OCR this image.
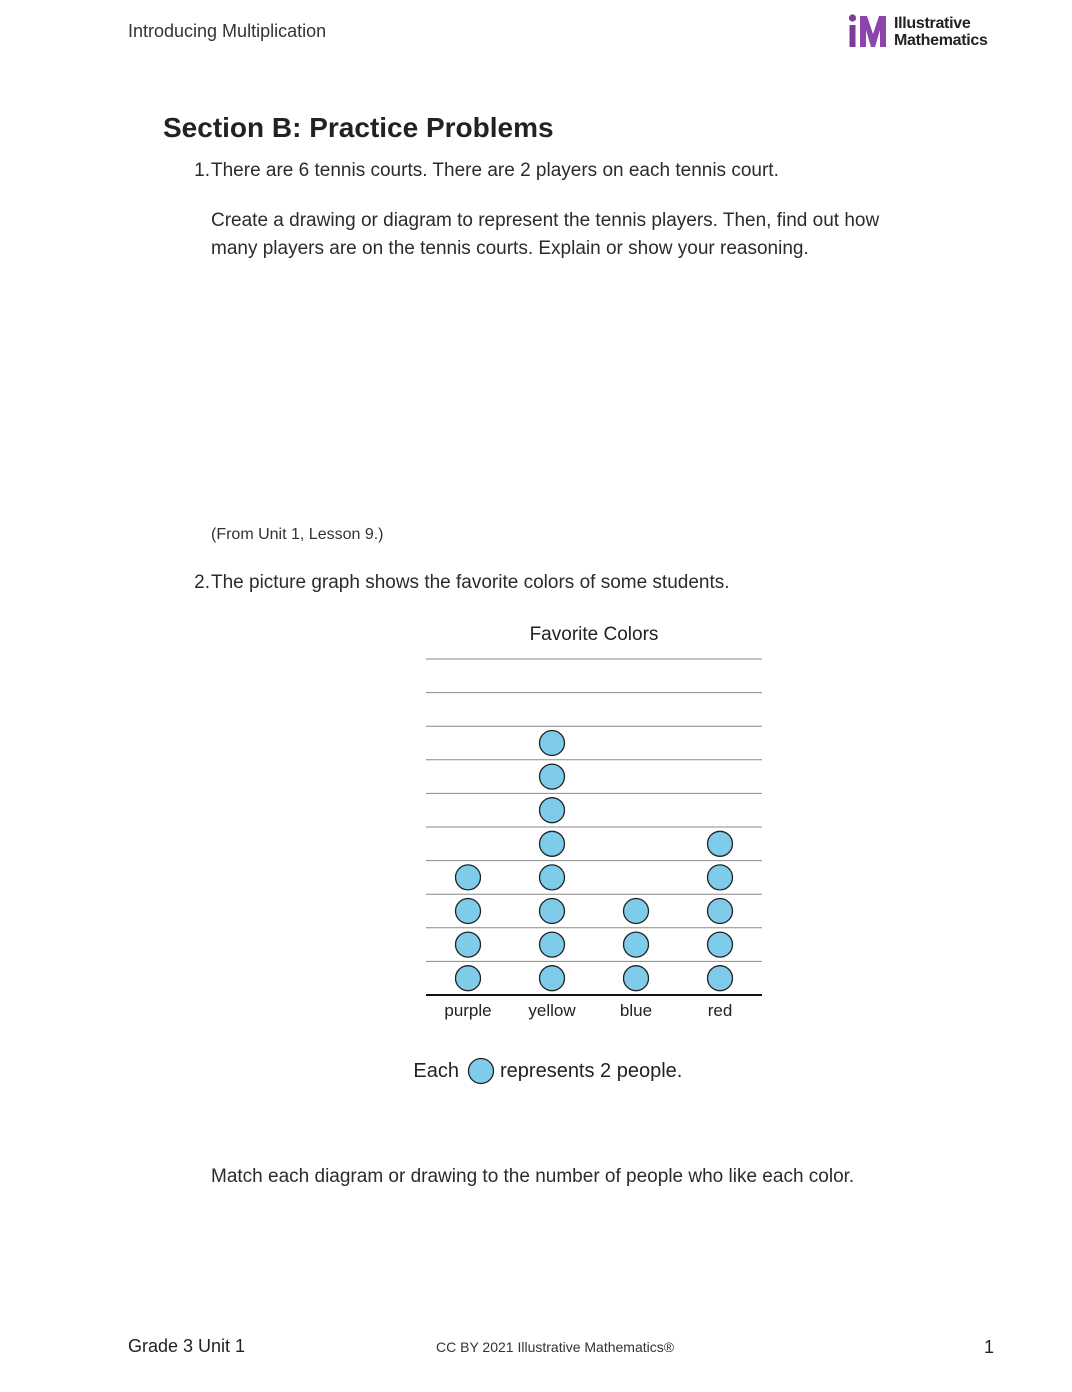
Introducing Multiplication	Illustrative
Mathematics
Section B: Practice Problems
1. There are 6 tennis courts. There are 2 players on each tennis court.
Create a drawing or diagram to represent the tennis players. Then, find out how
many players are on the tennis courts. Explain or show your reasoning.
(From Unit 1, Lesson 9.)
2. The picture graph shows the favorite colors of some students.
Favorite Colors
purple yellow	blue	red
Each represents 2 people.
Match each diagram or drawing to the number of people who like each color.
Grade 3 Unit 1	CC BY 2021 Illustrative Mathematics®	1
